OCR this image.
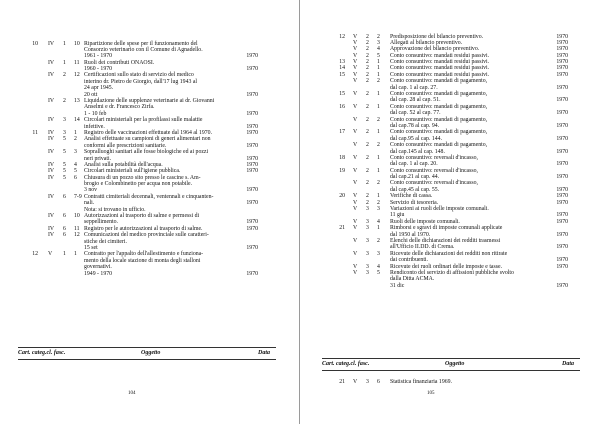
10 IV 1 10 Ripartizione delle spese per il funzionamento del
Consorzio veterinario con il Comune di Agnadello.
1961 - 1970	1970
IV 1 11 Ruoli dei contributi ONAOSI.
1960 - 1970	1970
IV 2 12 Certificazioni sullo stato di servizio del medico
interino dr. Pietro de Giorgio, dall'17 lug 1943 al
24 apr 1945.
20 ott	1970
IV 2 13 Liquidazione delle supplenze veterinarie ai dr. Giovanni
Anselmi e dr. Francesco Zirfa.
1 - 10 feb	1970
IV 3 14 Circolari ministeriali per la profilassi sulle malattie
infettive.	1970
11 IV 3 1 Registro delle vaccinazioni effettuate dal 1964 al 1970.	1970
IV 5 2 Analisi effettuate su campioni di generi alimentari non
conformi alle prescrizioni sanitarie.	1970
IV 5 3 Sopralluoghi sanitari alle fosse biologiche ed ai pozzi
neri privati.	1970
IV 5 4 Analisi sulla potabilità dell'acqua.	1970
IV 5 5 Circolari ministeriali sull'igiene pubblica.	1970
IV 5 6 Chiusura di un pozzo sito presso le cascine s. Am-
brogio e Colombinetto per acqua non potabile.
3 nov	1970
IV 6 7-9 Contratti cimiteriali decennali, ventennali e cinquanten-
nali.	1970
Nota: si trovano in ufficio.
IV 6 10 Autorizzazioni al trasporto di salme e permessi di
seppellimento.	1970
IV 6 11 Registro per le autorizzazioni al trasporto di salme.	1970
IV 6 12 Comunicazioni del medico provinciale sulle caratteri-
stiche dei cimiteri.
15 set	1970
12 V 1 1 Contratto per l'appalto dell'allestimento e funziona-
mento della locale stazione di monta degli stalloni
governativi.
1949 - 1970	1970
Cart. categ.cl. fasc.	Oggetto	Data
104
12 V 2 2 Predisposizione del bilancio preventivo.	1970
V 2 3 Allegati al bilancio preventivo.	1970
V 2 4 Approvazione del bilancio preventivo.	1970
V 2 5 Conto consuntivo: mandati residui passivi.	1970
13 V 2 1 Conto consuntivo: mandati residui passivi.	1970
14 V 2 1 Conto consuntivo: mandati residui passivi.	1970
15 V 2 1 Conto consuntivo: mandati residui passivi.	1970
V 2 2 Conto consuntivo: mandati di pagamento,
dal cap. 1 al cap. 27.	1970
15 V 2 1 Conto consuntivo: mandati di pagamento,
dal cap. 28 al cap. 51.	1970
16 V 2 1 Conto consuntivo: mandati di pagamento,
dal cap. 52 al cap. 77.	1970
V 2 2 Conto consuntivo: mandati di pagamento,
dal cap.78 al cap. 94.	1970
17 V 2 1 Conto consuntivo: mandati di pagamento,
dal cap.95 al cap. 144.	1970
V 2 2 Conto consuntivo: mandati di pagamento,
dal cap.145 al cap. 148.	1970
18 V 2 1 Conto consuntivo: reversali d'incasso,
dal cap. 1 al cap. 20.	1970
19 V 2 1 Conto consuntivo: reversali d'incasso,
dal cap.21 al cap. 44.	1970
V 2 2 Conto consuntivo: reversali d'incasso,
dal cap.45 al cap. 55.	1970
20 V 2 1 Verifiche di cassa.	1970
V 2 2 Servizio di tesoreria.	1970
V 3 3 Variazioni ai ruoli delle imposte comunali.
11 giu	1970
V 3 4 Ruoli delle imposte comunali.	1970
21 V 3 1 Rimborsi e sgravi di imposte comunali applicate
dal 1950 al 1970.	1970
V 3 2 Elenchi delle dichiarazioni dei redditi trasmessi
all'Ufficio II.DD. di Crema.	1970
V 3 3 Ricevute delle dichiarazioni dei redditi non ritirate
dai contribuenti.	1970
V 3 4 Ricevute dei ruoli ordinari delle imposte e tasse.	1970
V 3 5 Rendiconto del servizio di affissioni pubbliche svolto
dalla Ditta ACMA.
31 dic	1970
Cart. categ.cl. fasc.	Oggetto	Data
21 V 3 6 Statistica finanziaria 1969.
105
